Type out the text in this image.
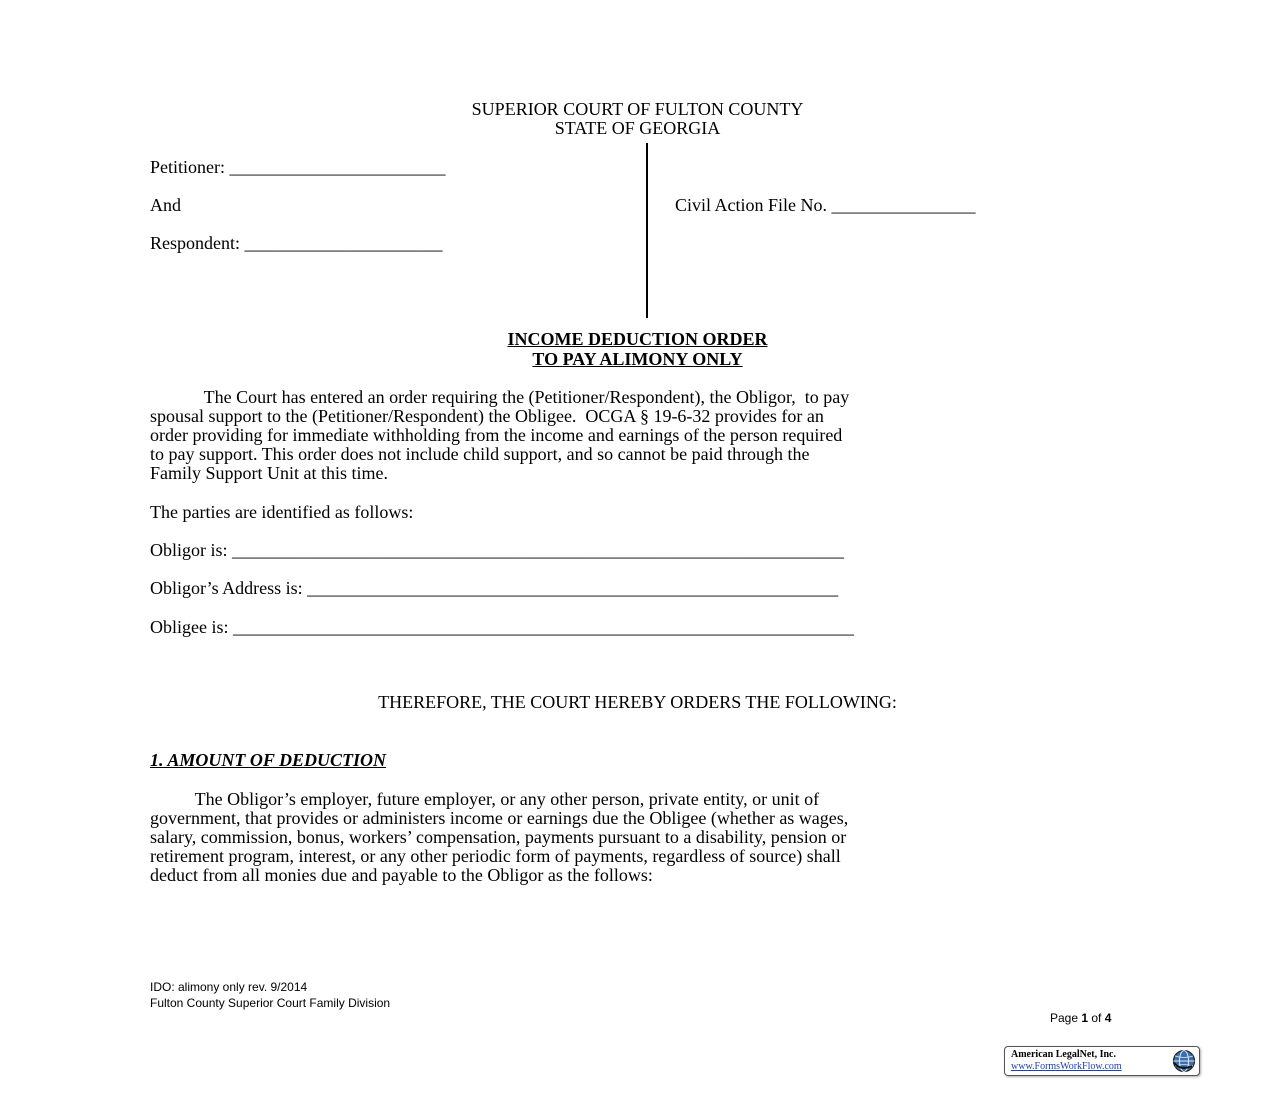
SUPERIOR COURT OF FULTON COUNTY
STATE OF GEORGIA
Petitioner: ________________________
And
Respondent: ______________________
Civil Action File No. ________________
INCOME DEDUCTION ORDER
TO PAY ALIMONY ONLY
The Court has entered an order requiring the (Petitioner/Respondent), the Obligor,  to pay
spousal support to the (Petitioner/Respondent) the Obligee.  OCGA § 19-6-32 provides for an
order providing for immediate withholding from the income and earnings of the person required
to pay support. This order does not include child support, and so cannot be paid through the
Family Support Unit at this time.
The parties are identified as follows:
Obligor is: ____________________________________________________________________
Obligor’s Address is: ___________________________________________________________
Obligee is: _____________________________________________________________________
THEREFORE, THE COURT HEREBY ORDERS THE FOLLOWING:
1. AMOUNT OF DEDUCTION
The Obligor’s employer, future employer, or any other person, private entity, or unit of
government, that provides or administers income or earnings due the Obligee (whether as wages,
salary, commission, bonus, workers’ compensation, payments pursuant to a disability, pension or
retirement program, interest, or any other periodic form of payments, regardless of source) shall
deduct from all monies due and payable to the Obligor as the follows:
IDO: alimony only rev. 9/2014
Fulton County Superior Court Family Division
Page 1 of 4
American LegalNet, Inc.
www.FormsWorkFlow.com
